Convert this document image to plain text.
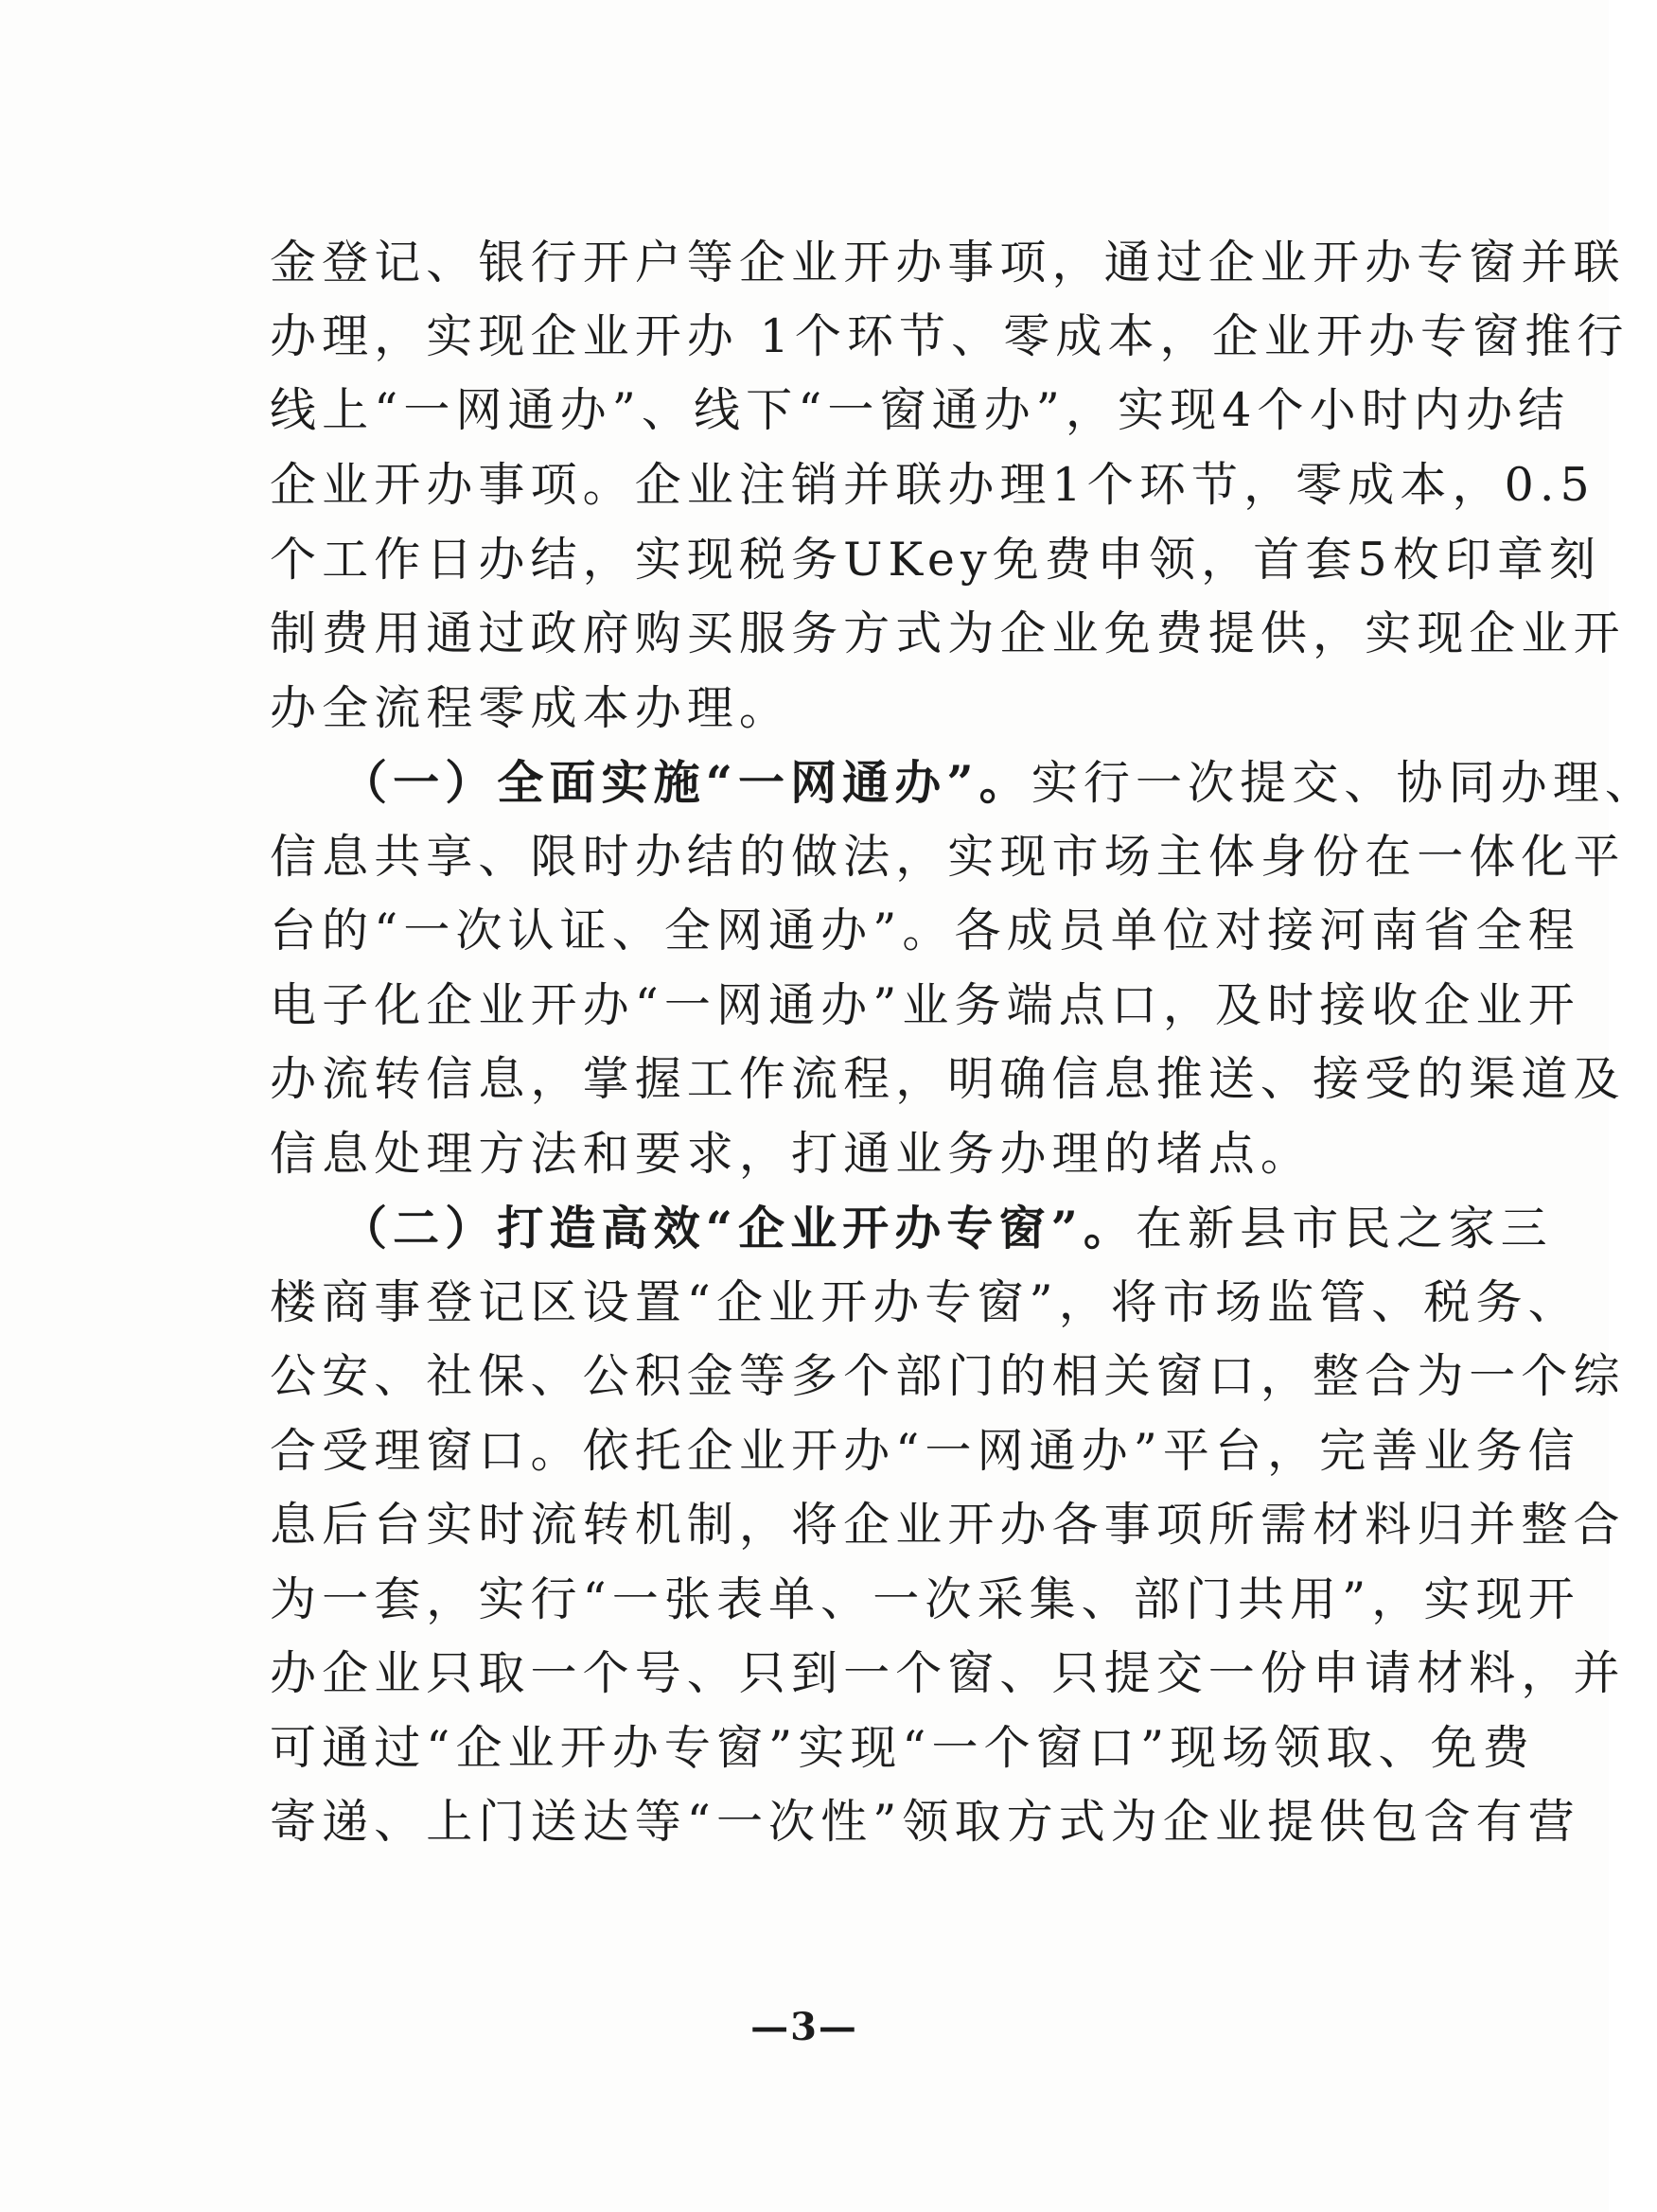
金登记、银行开户等企业开办事项，通过企业开办专窗并联
办理，实现企业开办 1个环节、零成本，企业开办专窗推行
线上“一网通办”、线下“一窗通办”，实现4个小时内办结
企业开办事项。企业注销并联办理1个环节，零成本，0.5
个工作日办结，实现税务UKey免费申领，首套5枚印章刻
制费用通过政府购买服务方式为企业免费提供，实现企业开
办全流程零成本办理。
（一）全面实施“一网通办”。实行一次提交、协同办理、
信息共享、限时办结的做法，实现市场主体身份在一体化平
台的“一次认证、全网通办”。各成员单位对接河南省全程
电子化企业开办“一网通办”业务端点口，及时接收企业开
办流转信息，掌握工作流程，明确信息推送、接受的渠道及
信息处理方法和要求，打通业务办理的堵点。
（二）打造高效“企业开办专窗”。在新县市民之家三
楼商事登记区设置“企业开办专窗”，将市场监管、税务、
公安、社保、公积金等多个部门的相关窗口，整合为一个综
合受理窗口。依托企业开办“一网通办”平台，完善业务信
息后台实时流转机制，将企业开办各事项所需材料归并整合
为一套，实行“一张表单、一次采集、部门共用”，实现开
办企业只取一个号、只到一个窗、只提交一份申请材料，并
可通过“企业开办专窗”实现“一个窗口”现场领取、免费
寄递、上门送达等“一次性”领取方式为企业提供包含有营
—3—
